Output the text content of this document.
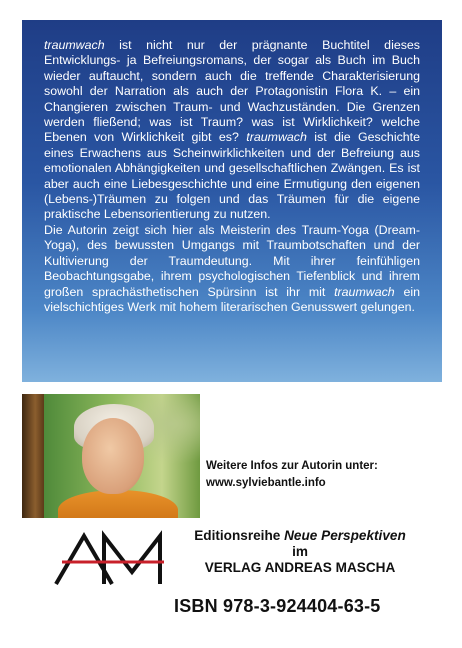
traumwach ist nicht nur der prägnante Buchtitel dieses Entwicklungs- ja Befreiungsromans, der sogar als Buch im Buch wieder auftaucht, sondern auch die treffende Charakterisierung sowohl der Narration als auch der Protagonistin Flora K. – ein Changieren zwischen Traum- und Wachzuständen. Die Grenzen werden fließend; was ist Traum? was ist Wirklichkeit? welche Ebenen von Wirklichkeit gibt es? traumwach ist die Geschichte eines Erwachens aus Scheinwirklichkeiten und der Befreiung aus emotionalen Abhängigkeiten und gesellschaftlichen Zwängen. Es ist aber auch eine Liebesgeschichte und eine Ermutigung den eigenen (Lebens-)Träumen zu folgen und das Träumen für die eigene praktische Lebensorientierung zu nutzen.

Die Autorin zeigt sich hier als Meisterin des Traum-Yoga (Dream-Yoga), des bewussten Umgangs mit Traumbotschaften und der Kultivierung der Traumdeutung. Mit ihrer feinfühligen Beobachtungsgabe, ihrem psychologischen Tiefenblick und ihrem großen sprachästhetischen Spürsinn ist ihr mit traumwach ein vielschichtiges Werk mit hohem literarischen Genusswert gelungen.

Weitere Infos zur Autorin unter:
www.sylviebantle.info
Editionsreihe Neue Perspektiven
im
VERLAG ANDREAS MASCHA
ISBN 978-3-924404-63-5
